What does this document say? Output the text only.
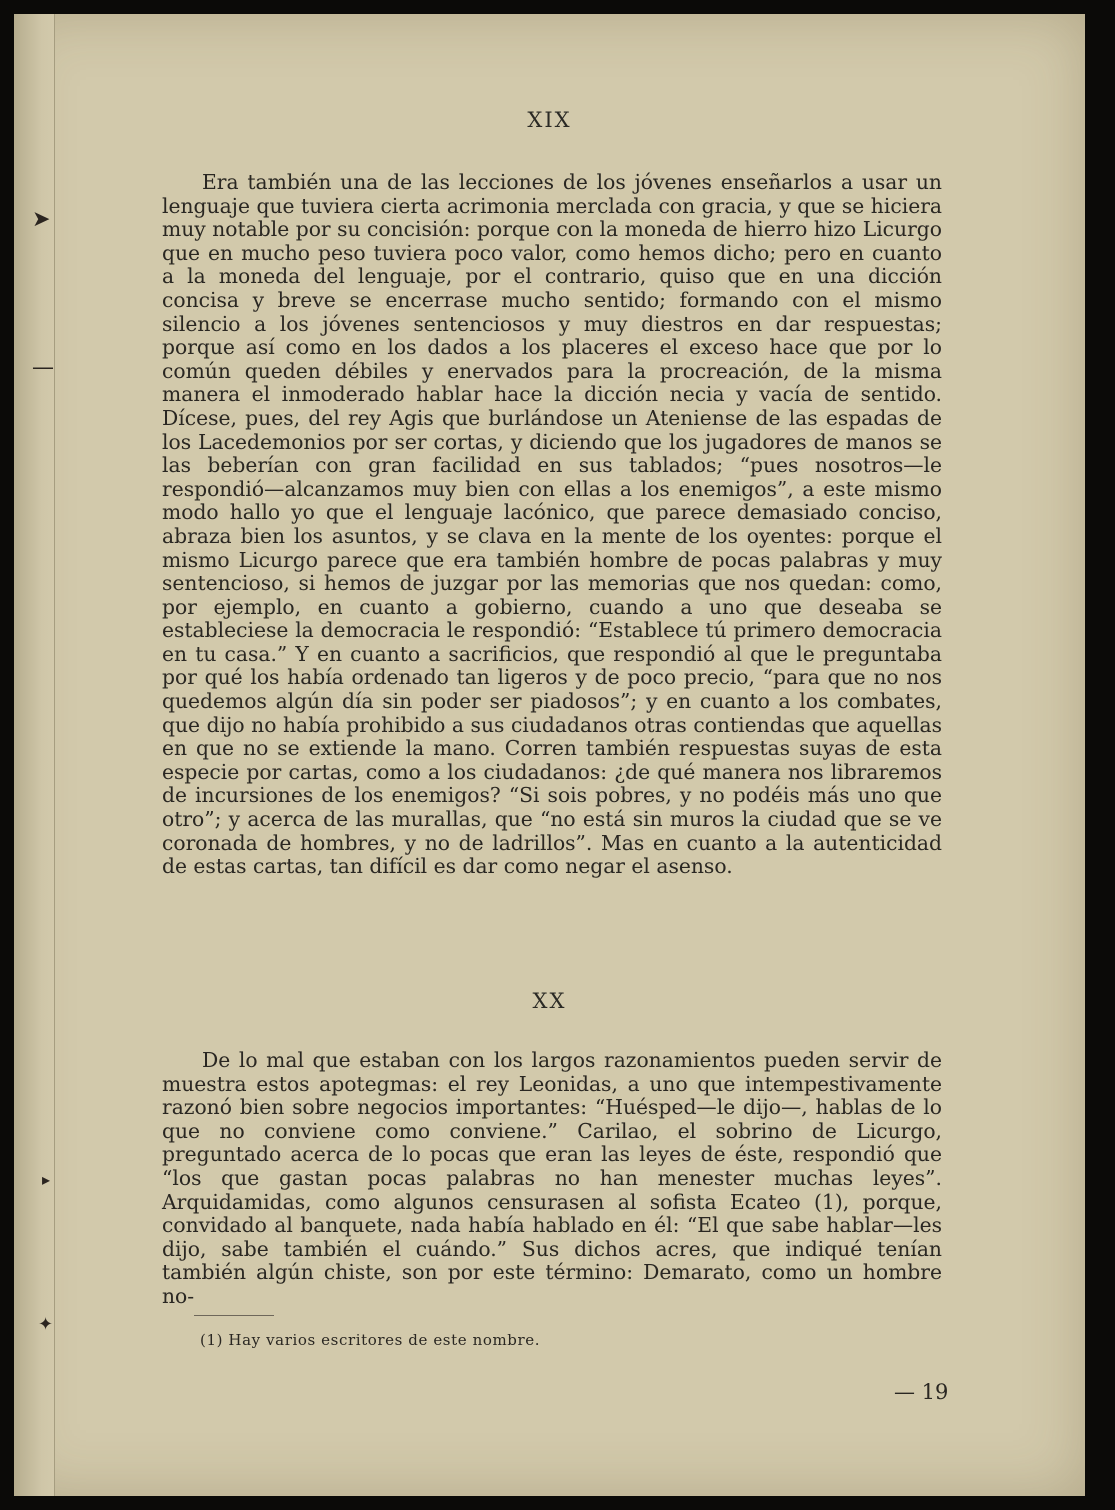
➤
—
▸
✦
XIX

Era también una de las lecciones de los jóvenes enseñarlos a usar un lenguaje que tuviera cierta acrimonia merclada con gracia, y que se hiciera muy notable por su concisión: porque con la moneda de hierro hizo Licurgo que en mucho peso tuviera poco valor, como hemos dicho; pero en cuanto a la moneda del lenguaje, por el contrario, quiso que en una dicción concisa y breve se encerrase mucho sentido; formando con el mismo silencio a los jóvenes sentenciosos y muy diestros en dar respuestas; porque así como en los dados a los placeres el exceso hace que por lo común queden débiles y enervados para la procreación, de la misma manera el inmoderado hablar hace la dicción necia y vacía de sentido. Dícese, pues, del rey Agis que burlándose un Ateniense de las espadas de los Lacedemonios por ser cortas, y diciendo que los jugadores de manos se las beberían con gran facilidad en sus tablados; “pues nosotros—le respondió—alcanzamos muy bien con ellas a los enemigos”, a este mismo modo hallo yo que el lenguaje lacónico, que parece demasiado conciso, abraza bien los asuntos, y se clava en la mente de los oyentes: porque el mismo Licurgo parece que era también hombre de pocas palabras y muy sentencioso, si hemos de juzgar por las memorias que nos quedan: como, por ejemplo, en cuanto a gobierno, cuando a uno que deseaba se estableciese la democracia le respondió: “Establece tú primero democracia en tu casa.” Y en cuanto a sacrificios, que respondió al que le preguntaba por qué los había ordenado tan ligeros y de poco precio, “para que no nos quedemos algún día sin poder ser piadosos”; y en cuanto a los combates, que dijo no había prohibido a sus ciudadanos otras contiendas que aquellas en que no se extiende la mano. Corren también respuestas suyas de esta especie por cartas, como a los ciudadanos: ¿de qué manera nos libraremos de incursiones de los enemigos? “Si sois pobres, y no podéis más uno que otro”; y acerca de las murallas, que “no está sin muros la ciudad que se ve coronada de hombres, y no de ladrillos”. Mas en cuanto a la autenticidad de estas cartas, tan difícil es dar como negar el asenso.

XX

De lo mal que estaban con los largos razonamientos pueden servir de muestra estos apotegmas: el rey Leonidas, a uno que intempestivamente razonó bien sobre negocios importantes: “Huésped—le dijo—, hablas de lo que no conviene como conviene.” Carilao, el sobrino de Licurgo, preguntado acerca de lo pocas que eran las leyes de éste, respondió que “los que gastan pocas palabras no han menester muchas leyes”. Arquidamidas, como algunos censurasen al sofista Ecateo (1), porque, convidado al banquete, nada había hablado en él: “El que sabe hablar—les dijo, sabe también el cuándo.” Sus dichos acres, que indiqué tenían también algún chiste, son por este término: Demarato, como un hombre no-

(1) Hay varios escritores de este nombre.
— 19
